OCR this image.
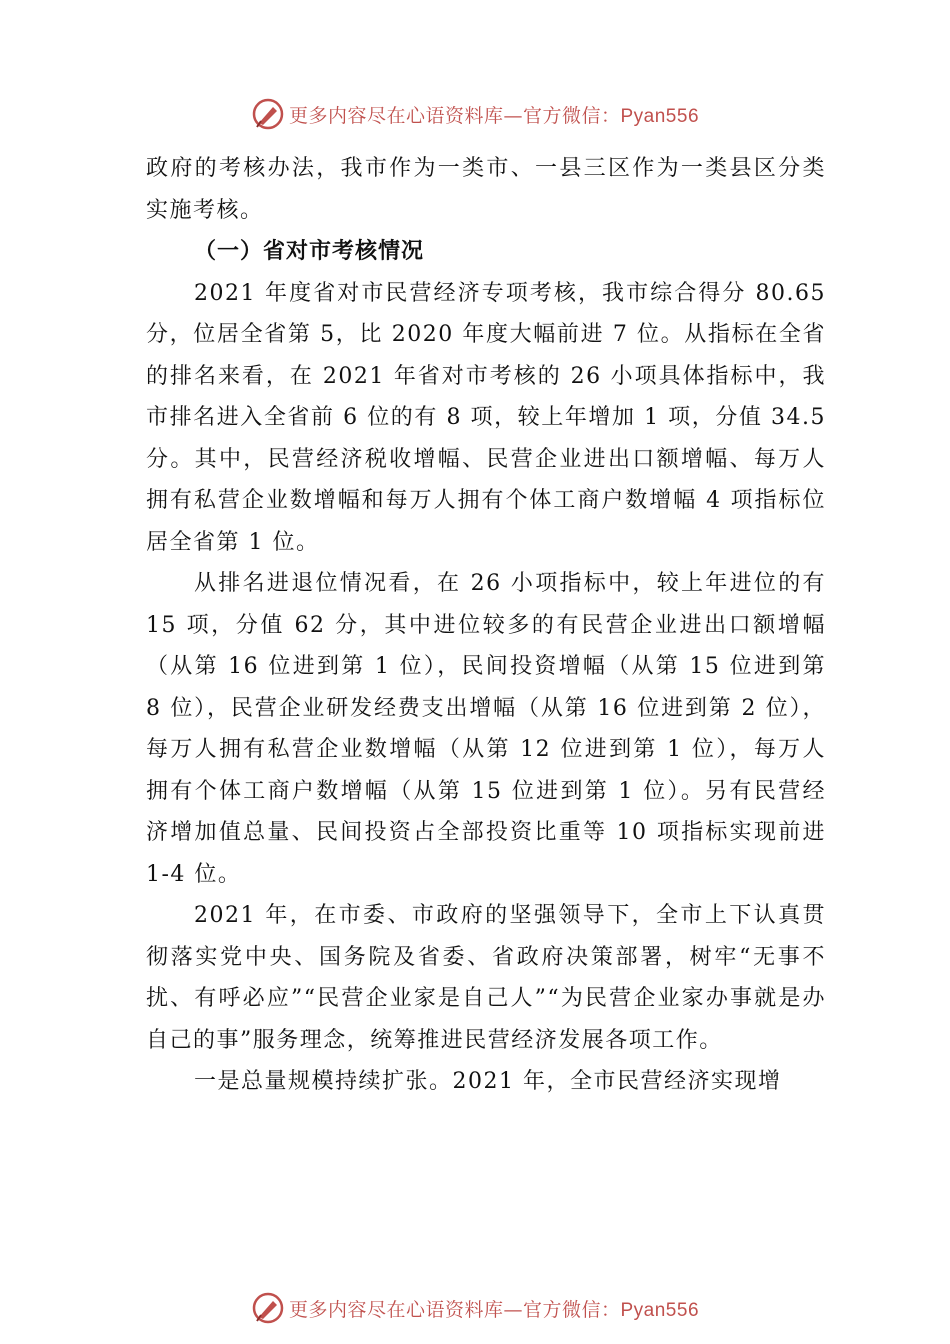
更多内容尽在心语资料库—官方微信：Pyan556

政府的考核办法，我市作为一类市、一县三区作为一类县区分类实施考核。

（一）省对市考核情况

2021 年度省对市民营经济专项考核，我市综合得分 80.65 分，位居全省第 5，比 2020 年度大幅前进 7 位。从指标在全省的排名来看，在 2021 年省对市考核的 26 小项具体指标中，我市排名进入全省前 6 位的有 8 项，较上年增加 1 项，分值 34.5 分。其中，民营经济税收增幅、民营企业进出口额增幅、每万人拥有私营企业数增幅和每万人拥有个体工商户数增幅 4 项指标位居全省第 1 位。

从排名进退位情况看，在 26 小项指标中，较上年进位的有 15 项，分值 62 分，其中进位较多的有民营企业进出口额增幅（从第 16 位进到第 1 位），民间投资增幅（从第 15 位进到第 8 位），民营企业研发经费支出增幅（从第 16 位进到第 2 位），每万人拥有私营企业数增幅（从第 12 位进到第 1 位），每万人拥有个体工商户数增幅（从第 15 位进到第 1 位）。另有民营经济增加值总量、民间投资占全部投资比重等 10 项指标实现前进 1-4 位。

2021 年，在市委、市政府的坚强领导下，全市上下认真贯彻落实党中央、国务院及省委、省政府决策部署，树牢“无事不扰、有呼必应”“民营企业家是自己人”“为民营企业家办事就是办自己的事”服务理念，统筹推进民营经济发展各项工作。

一是总量规模持续扩张。2021 年，全市民营经济实现增

更多内容尽在心语资料库—官方微信：Pyan556
